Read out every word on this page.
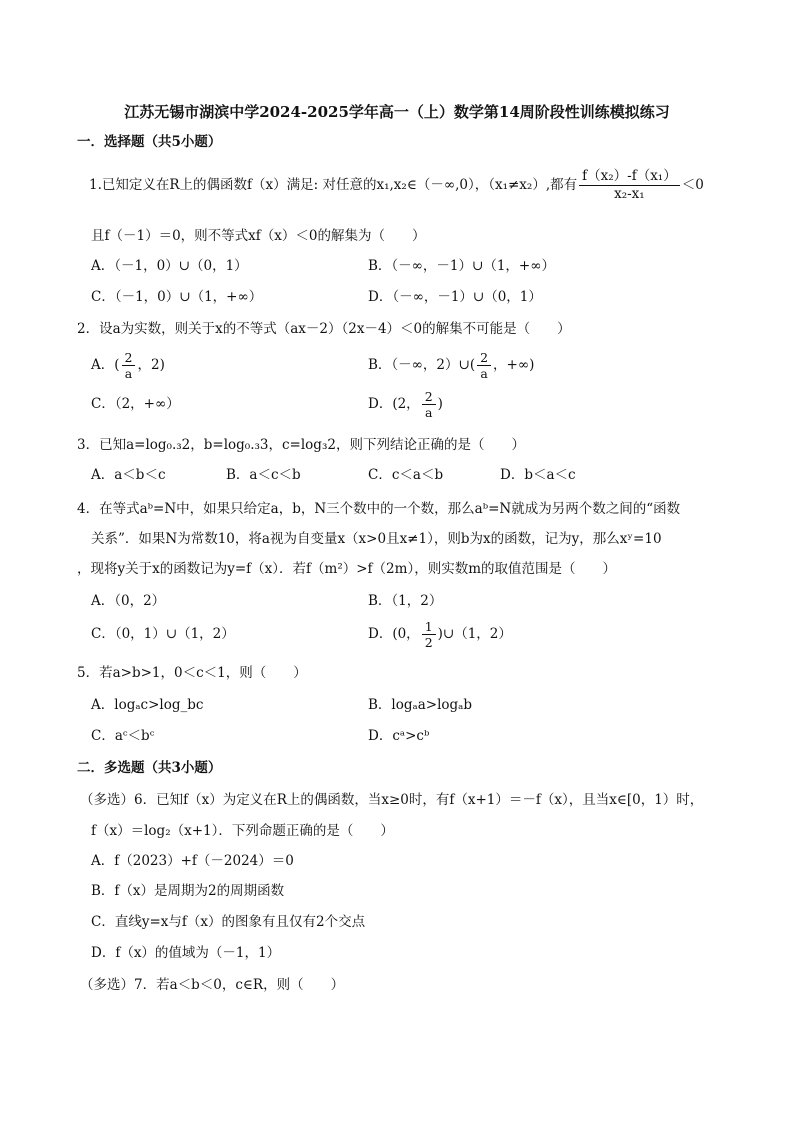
江苏无锡市湖滨中学2024-2025学年高一（上）数学第14周阶段性训练模拟练习
一．选择题（共5小题）
1.已知定义在R上的偶函数f（x）满足: 对任意的x₁,x₂∈（－∞,0），（x₁≠x₂）,都有 $\frac{\text{f（x₂）-f（x₁）}}{\text{x₂-x₁}} <0$
且f（－1）＝0，则不等式xf（x）＜0的解集为（　　）
A．（－1，0）∪（0，1）	B．（－∞，－1）∪（1，+∞）
C．（－1，0）∪（1，+∞）	D．（－∞，－1）∪（0，1）
2．设a为实数，则关于x的不等式（ax－2）（2x－4）＜0的解集不可能是（　　）
A．( $\frac{2}{a}$ ，2)	B．（－∞，2）∪( $\frac{2}{a}$ ，+∞)
C．（2，+∞）	D．(2， $\frac{2}{a}$ )
3．已知a=log₀.₃2，b=log₀.₃3，c=log₃2，则下列结论正确的是（　　）
A．a＜b＜c	B．a＜c＜b	C．c＜a＜b	D．b＜a＜c
4．在等式aᵇ=N中，如果只给定a，b，N三个数中的一个数，那么aᵇ=N就成为另两个数之间的“函数
关系”．如果N为常数10，将a视为自变量x（x>0且x≠1），则b为x的函数，记为y，那么xʸ=10
，现将y关于x的函数记为y=f（x）．若f（m²）>f（2m），则实数m的取值范围是（　　）
A．（0，2）	B．（1，2）
C．（0，1）∪（1，2）	D．(0， $\frac{1}{2}$ )∪（1，2）
5．若a>b>1，0＜c＜1，则（　　）
A．logₐc>log_bc	B．logₐa>logₐb
C．aᶜ＜bᶜ	D．cᵃ>cᵇ
二．多选题（共3小题）
（多选）6．已知f（x）为定义在R上的偶函数，当x≥0时，有f（x+1）＝－f（x），且当x∈[0，1）时，
f（x）＝log₂（x+1）．下列命题正确的是（　　）
A．f（2023）+f（－2024）＝0
B．f（x）是周期为2的周期函数
C．直线y=x与f（x）的图象有且仅有2个交点
D．f（x）的值域为（－1，1）
（多选）7．若a＜b＜0，c∈R，则（　　）
